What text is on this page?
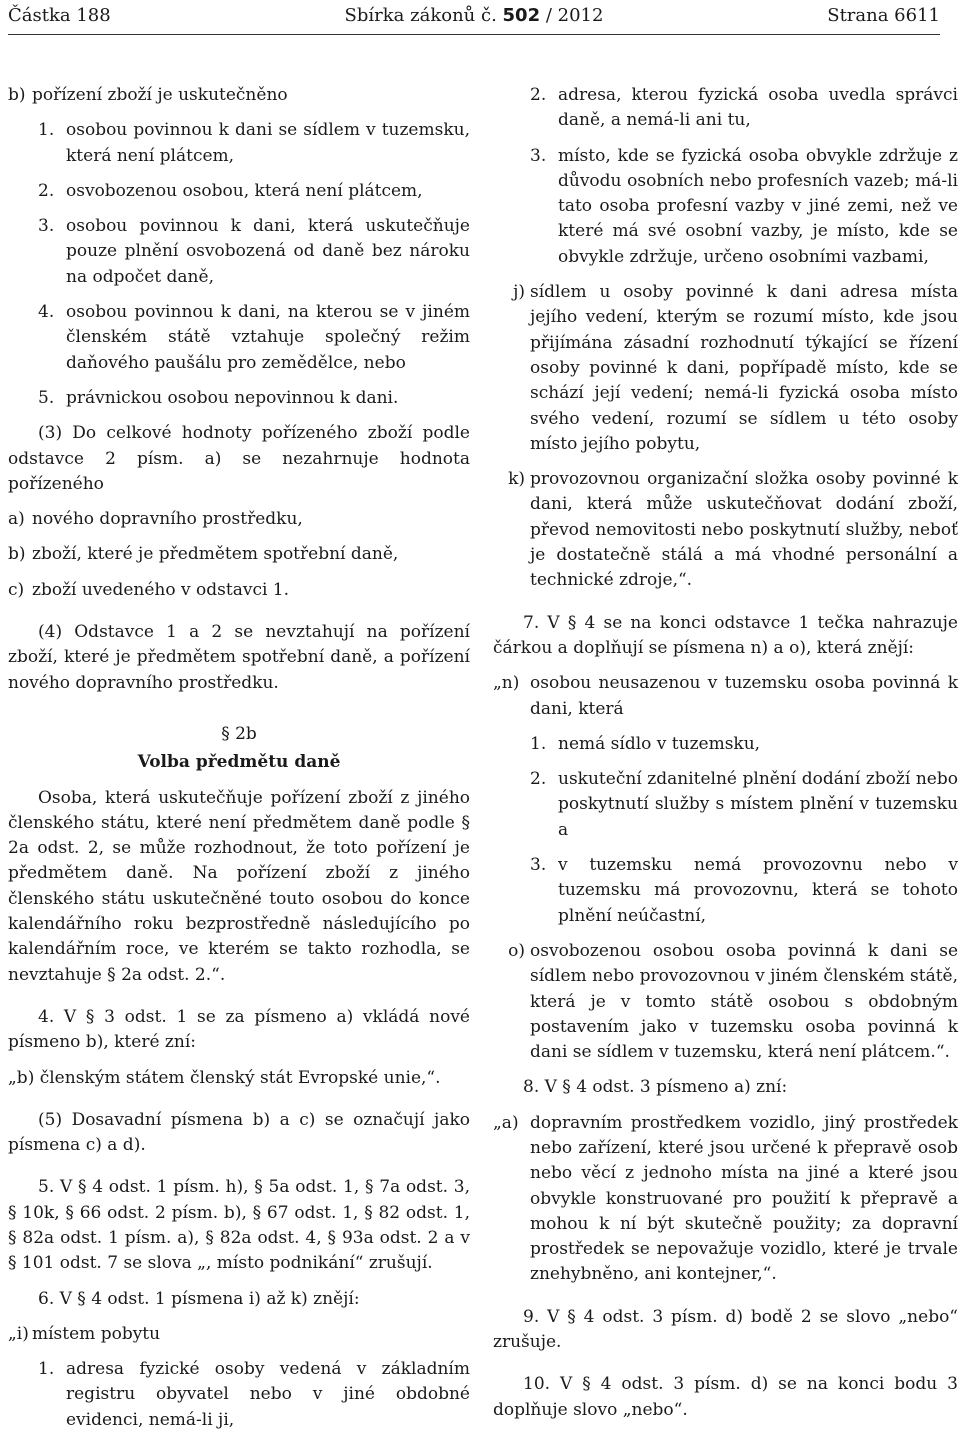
Částka 188	Sbírka zákonů č. 502 / 2012	Strana 6611
b) pořízení zboží je uskutečněno
1. osobou povinnou k dani se sídlem v tuzemsku, která není plátcem,
2. osvobozenou osobou, která není plátcem,
3. osobou povinnou k dani, která uskutečňuje pouze plnění osvobozená od daně bez nároku na odpočet daně,
4. osobou povinnou k dani, na kterou se v jiném členském státě vztahuje společný režim daňového paušálu pro zemědělce, nebo
5. právnickou osobou nepovinnou k dani.

(3) Do celkové hodnoty pořízeného zboží podle odstavce 2 písm. a) se nezahrnuje hodnota pořízeného

a) nového dopravního prostředku,
b) zboží, které je předmětem spotřební daně,
c) zboží uvedeného v odstavci 1.

(4) Odstavce 1 a 2 se nevztahují na pořízení zboží, které je předmětem spotřební daně, a pořízení nového dopravního prostředku.

§ 2b

Volba předmětu daně

Osoba, která uskutečňuje pořízení zboží z jiného členského státu, které není předmětem daně podle § 2a odst. 2, se může rozhodnout, že toto pořízení je předmětem daně. Na pořízení zboží z jiného členského státu uskutečněné touto osobou do konce kalendářního roku bezprostředně následujícího po kalendářním roce, ve kterém se takto rozhodla, se nevztahuje § 2a odst. 2.“.

4. V § 3 odst. 1 se za písmeno a) vkládá nové písmeno b), které zní:

„b) členským státem členský stát Evropské unie,“.

(5) Dosavadní písmena b) a c) se označují jako písmena c) a d).

5. V § 4 odst. 1 písm. h), § 5a odst. 1, § 7a odst. 3, § 10k, § 66 odst. 2 písm. b), § 67 odst. 1, § 82 odst. 1, § 82a odst. 1 písm. a), § 82a odst. 4, § 93a odst. 2 a v § 101 odst. 7 se slova „, místo podnikání“ zrušují.

6. V § 4 odst. 1 písmena i) až k) znějí:

„i) místem pobytu
1. adresa fyzické osoby vedená v základním registru obyvatel nebo v jiné obdobné evidenci, nemá-li ji,
2. adresa, kterou fyzická osoba uvedla správci daně, a nemá-li ani tu,
3. místo, kde se fyzická osoba obvykle zdržuje z důvodu osobních nebo profesních vazeb; má-li tato osoba profesní vazby v jiné zemi, než ve které má své osobní vazby, je místo, kde se obvykle zdržuje, určeno osobními vazbami,
j) sídlem u osoby povinné k dani adresa místa jejího vedení, kterým se rozumí místo, kde jsou přijímána zásadní rozhodnutí týkající se řízení osoby povinné k dani, popřípadě místo, kde se schází její vedení; nemá-li fyzická osoba místo svého vedení, rozumí se sídlem u této osoby místo jejího pobytu,
k) provozovnou organizační složka osoby povinné k dani, která může uskutečňovat dodání zboží, převod nemovitosti nebo poskytnutí služby, neboť je dostatečně stálá a má vhodné personální a technické zdroje,“.

7. V § 4 se na konci odstavce 1 tečka nahrazuje čárkou a doplňují se písmena n) a o), která znějí:

„n) osobou neusazenou v tuzemsku osoba povinná k dani, která
1. nemá sídlo v tuzemsku,
2. uskuteční zdanitelné plnění dodání zboží nebo poskytnutí služby s místem plnění v tuzemsku a
3. v tuzemsku nemá provozovnu nebo v tuzemsku má provozovnu, která se tohoto plnění neúčastní,
o) osvobozenou osobou osoba povinná k dani se sídlem nebo provozovnou v jiném členském státě, která je v tomto státě osobou s obdobným postavením jako v tuzemsku osoba povinná k dani se sídlem v tuzemsku, která není plátcem.“.

8. V § 4 odst. 3 písmeno a) zní:

„a) dopravním prostředkem vozidlo, jiný prostředek nebo zařízení, které jsou určené k přepravě osob nebo věcí z jednoho místa na jiné a které jsou obvykle konstruované pro použití k přepravě a mohou k ní být skutečně použity; za dopravní prostředek se nepovažuje vozidlo, které je trvale znehybněno, ani kontejner,“.

9. V § 4 odst. 3 písm. d) bodě 2 se slovo „nebo“ zrušuje.

10. V § 4 odst. 3 písm. d) se na konci bodu 3 doplňuje slovo „nebo“.
